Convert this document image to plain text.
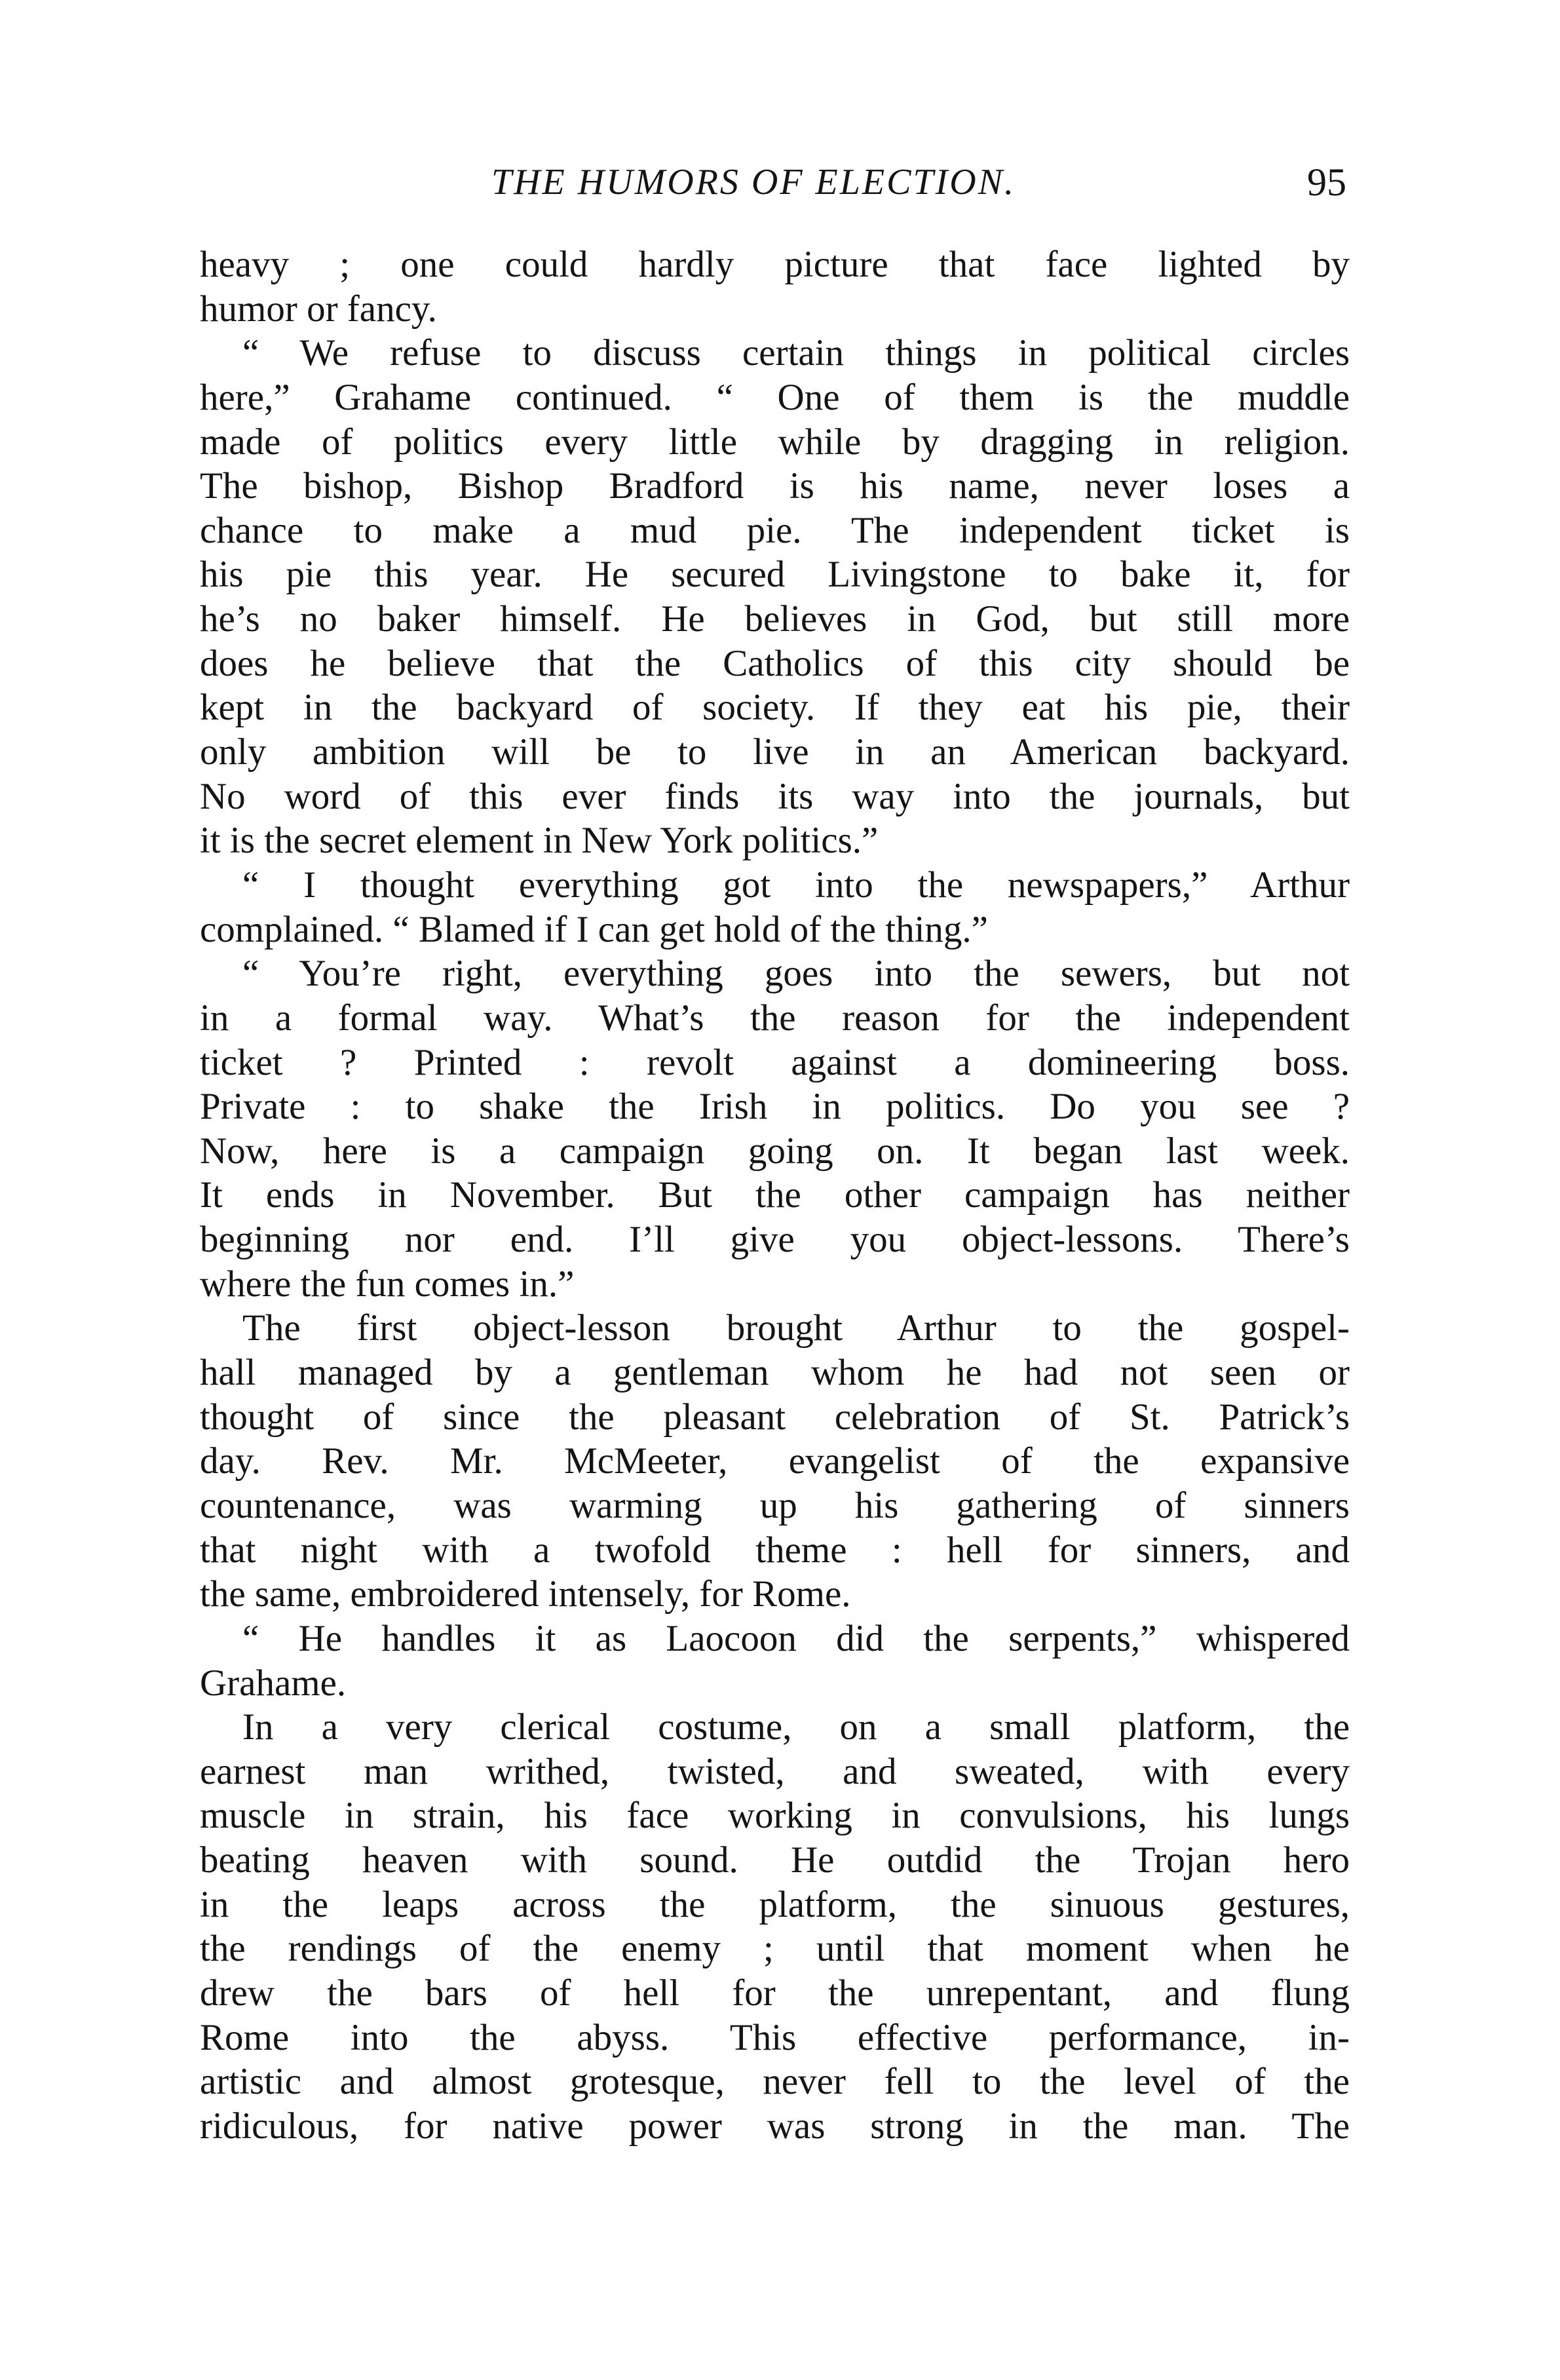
THE HUMORS OF ELECTION.	95
heavy ; one could hardly picture that face lighted by
humor or fancy.
“ We refuse to discuss certain things in political circles
here,” Grahame continued. “ One of them is the muddle
made of politics every little while by dragging in religion.
The bishop, Bishop Bradford is his name, never loses a
chance to make a mud pie. The independent ticket is
his pie this year. He secured Livingstone to bake it, for
he’s no baker himself. He believes in God, but still more
does he believe that the Catholics of this city should be
kept in the backyard of society. If they eat his pie, their
only ambition will be to live in an American backyard.
No word of this ever finds its way into the journals, but
it is the secret element in New York politics.”
“ I thought everything got into the newspapers,” Arthur
complained. “ Blamed if I can get hold of the thing.”
“ You’re right, everything goes into the sewers, but not
in a formal way. What’s the reason for the independent
ticket ? Printed : revolt against a domineering boss.
Private : to shake the Irish in politics. Do you see ?
Now, here is a campaign going on. It began last week.
It ends in November. But the other campaign has neither
beginning nor end. I’ll give you object-lessons. There’s
where the fun comes in.”
The first object-lesson brought Arthur to the gospel-
hall managed by a gentleman whom he had not seen or
thought of since the pleasant celebration of St. Patrick’s
day. Rev. Mr. McMeeter, evangelist of the expansive
countenance, was warming up his gathering of sinners
that night with a twofold theme : hell for sinners, and
the same, embroidered intensely, for Rome.
“ He handles it as Laocoon did the serpents,” whispered
Grahame.
In a very clerical costume, on a small platform, the
earnest man writhed, twisted, and sweated, with every
muscle in strain, his face working in convulsions, his lungs
beating heaven with sound. He outdid the Trojan hero
in the leaps across the platform, the sinuous gestures,
the rendings of the enemy ; until that moment when he
drew the bars of hell for the unrepentant, and flung
Rome into the abyss. This effective performance, in-
artistic and almost grotesque, never fell to the level of the
ridiculous, for native power was strong in the man. The
